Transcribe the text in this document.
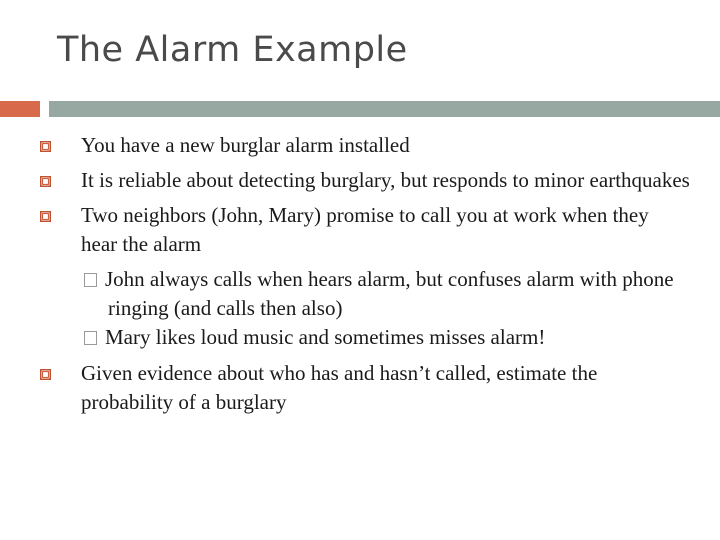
The Alarm Example
You have a new burglar alarm installed
It is reliable about detecting burglary, but responds to minor earthquakes
Two neighbors (John, Mary) promise to call you at work when they hear the alarm
John always calls when hears alarm, but confuses alarm with phone ringing (and calls then also)
Mary likes loud music and sometimes misses alarm!
Given evidence about who has and hasn’t called, estimate the probability of a burglary
